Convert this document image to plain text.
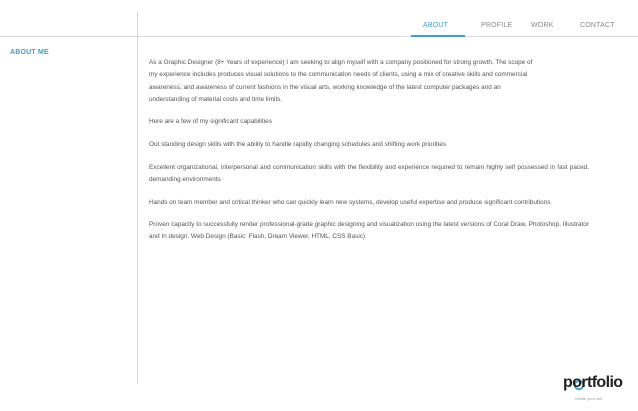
ABOUT	PROFILE	WORK	CONTACT
ABOUT ME

As a Graphic Designer (8+ Years of experience) I am seeking to align myself with a company positioned for strong growth. The scope of my experience includes produces visual solutions to the communication needs of clients, using a mix of creative skills and commercial awareness, and awareness of current fashions in the visual arts, working knowledge of the latest computer packages and an understanding of material costs and time limits.

Here are a few of my significant capabilities

Out standing design skills with the ability to handle rapidly changing schedules and shifting work priorities

Excellent organizational, interpersonal and communication skills with the flexibility and experience required to remain highly self possessed in fast paced, demanding environments

Hands on team member and critical thinker who can quickly learn new systems, develop useful expertise and produce significant contributions

Proven capacity to successfully render professional-grade graphic designing and visualization using the latest versions of Coral Draw, Photoshop, Illustrator and In design. Web Design (Basic: Flash, Dream Viewer, HTML, CSS Basic)

portfolio
create your self
